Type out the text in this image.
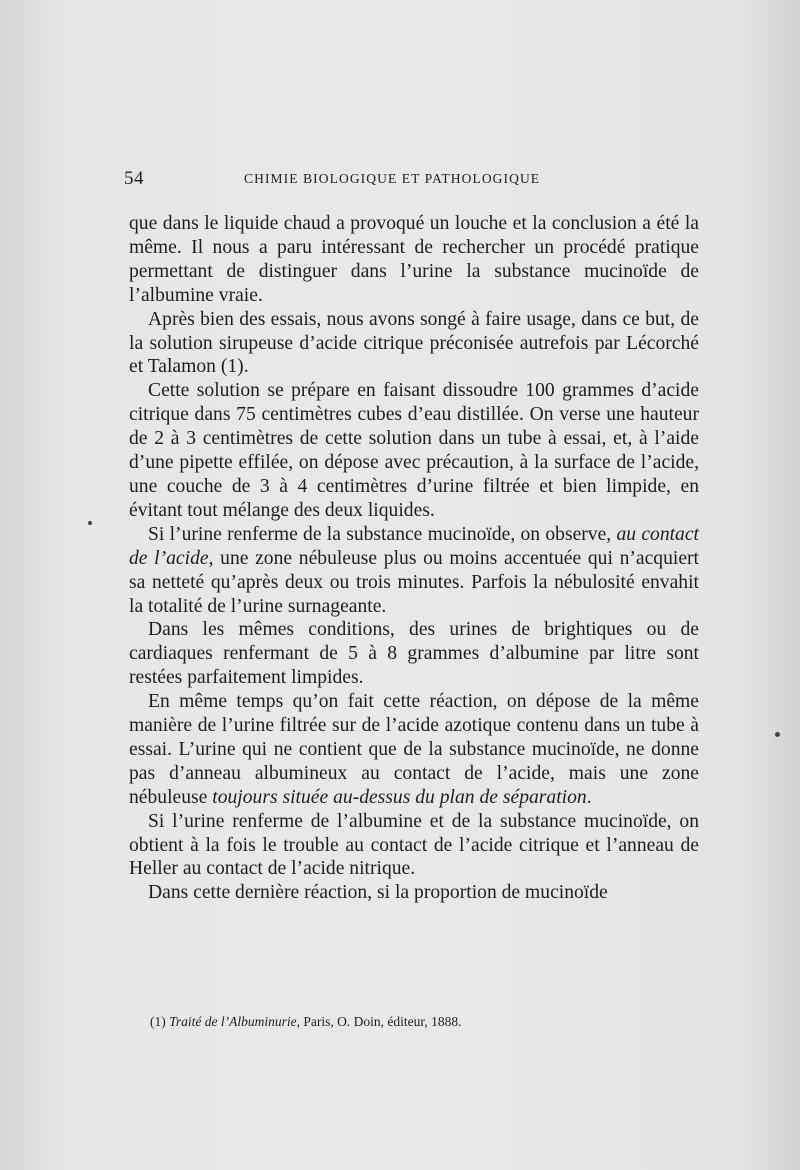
54	CHIMIE BIOLOGIQUE ET PATHOLOGIQUE

que dans le liquide chaud a provoqué un louche et la conclusion a été la même. Il nous a paru intéressant de rechercher un procédé pratique permettant de distinguer dans l’urine la substance mucinoïde de l’albumine vraie.

Après bien des essais, nous avons songé à faire usage, dans ce but, de la solution sirupeuse d’acide citrique préconisée autrefois par Lécorché et Talamon (1).

Cette solution se prépare en faisant dissoudre 100 grammes d’acide citrique dans 75 centimètres cubes d’eau distillée. On verse une hauteur de 2 à 3 centimètres de cette solution dans un tube à essai, et, à l’aide d’une pipette effilée, on dépose avec précaution, à la surface de l’acide, une couche de 3 à 4 centimètres d’urine filtrée et bien limpide, en évitant tout mélange des deux liquides.

Si l’urine renferme de la substance mucinoïde, on observe, au contact de l’acide, une zone nébuleuse plus ou moins accentuée qui n’acquiert sa netteté qu’après deux ou trois minutes. Parfois la nébulosité envahit la totalité de l’urine surnageante.

Dans les mêmes conditions, des urines de brightiques ou de cardiaques renfermant de 5 à 8 grammes d’albumine par litre sont restées parfaitement limpides.

En même temps qu’on fait cette réaction, on dépose de la même manière de l’urine filtrée sur de l’acide azotique contenu dans un tube à essai. L’urine qui ne contient que de la substance mucinoïde, ne donne pas d’anneau albumineux au contact de l’acide, mais une zone nébuleuse toujours située au-dessus du plan de séparation.

Si l’urine renferme de l’albumine et de la substance mucinoïde, on obtient à la fois le trouble au contact de l’acide citrique et l’anneau de Heller au contact de l’acide nitrique.

Dans cette dernière réaction, si la proportion de mucinoïde

(1) Traité de l’Albuminurie, Paris, O. Doin, éditeur, 1888.
